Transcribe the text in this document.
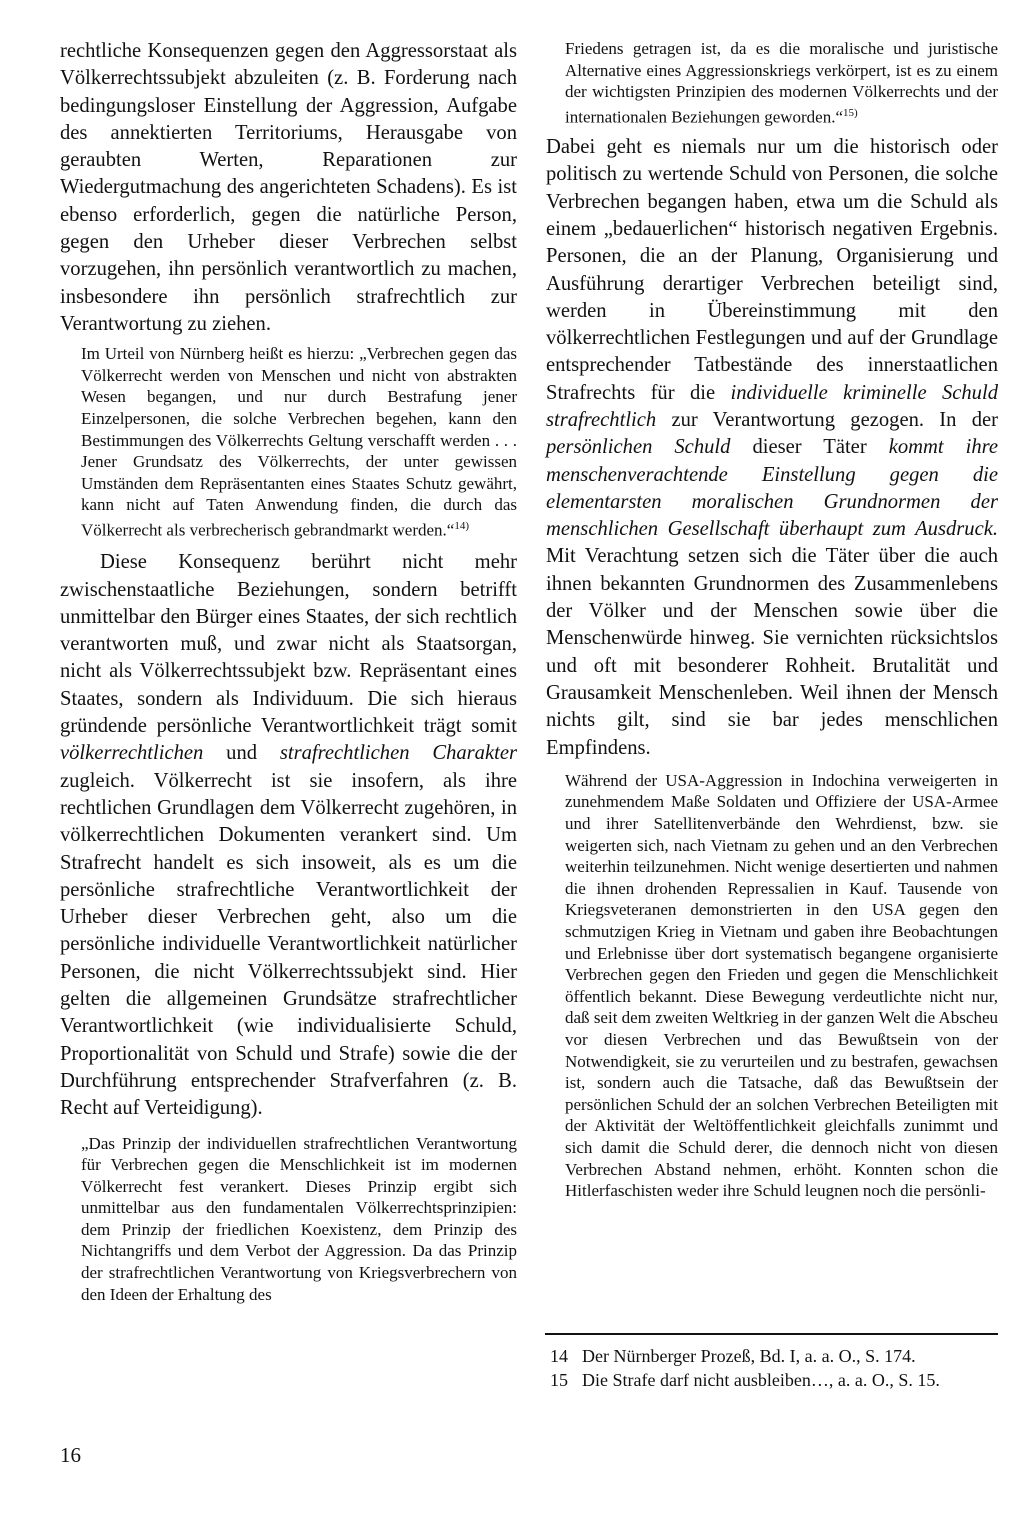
rechtliche Konsequenzen gegen den Aggressorstaat als Völkerrechtssubjekt abzuleiten (z. B. Forderung nach bedingungsloser Einstellung der Aggression, Aufgabe des annektierten Territoriums, Herausgabe von geraubten Werten, Reparationen zur Wiedergutmachung des angerichteten Schadens). Es ist ebenso erforderlich, gegen die natürliche Person, gegen den Urheber dieser Verbrechen selbst vorzugehen, ihn persönlich verantwortlich zu machen, insbesondere ihn persönlich strafrechtlich zur Verantwortung zu ziehen.

Im Urteil von Nürnberg heißt es hierzu: „Verbrechen gegen das Völkerrecht werden von Menschen und nicht von abstrakten Wesen begangen, und nur durch Bestrafung jener Einzelpersonen, die solche Verbrechen begehen, kann den Bestimmungen des Völkerrechts Geltung verschafft werden . . . Jener Grundsatz des Völkerrechts, der unter gewissen Umständen dem Repräsentanten eines Staates Schutz gewährt, kann nicht auf Taten Anwendung finden, die durch das Völkerrecht als verbrecherisch gebrandmarkt werden.“$^{14)}$

Diese Konsequenz berührt nicht mehr zwischenstaatliche Beziehungen, sondern betrifft unmittelbar den Bürger eines Staates, der sich rechtlich verantworten muß, und zwar nicht als Staatsorgan, nicht als Völkerrechtssubjekt bzw. Repräsentant eines Staates, sondern als Individuum. Die sich hieraus gründende persönliche Verantwortlichkeit trägt somit völkerrechtlichen und strafrechtlichen Charakter zugleich. Völkerrecht ist sie insofern, als ihre rechtlichen Grundlagen dem Völkerrecht zugehören, in völkerrechtlichen Dokumenten verankert sind. Um Strafrecht handelt es sich insoweit, als es um die persönliche strafrechtliche Verantwortlichkeit der Urheber dieser Verbrechen geht, also um die persönliche individuelle Verantwortlichkeit natürlicher Personen, die nicht Völkerrechtssubjekt sind. Hier gelten die allgemeinen Grundsätze strafrechtlicher Verantwortlichkeit (wie individualisierte Schuld, Proportionalität von Schuld und Strafe) sowie die der Durchführung entsprechender Strafverfahren (z. B. Recht auf Verteidigung).

„Das Prinzip der individuellen strafrechtlichen Verantwortung für Verbrechen gegen die Menschlichkeit ist im modernen Völkerrecht fest verankert. Dieses Prinzip ergibt sich unmittelbar aus den fundamentalen Völkerrechtsprinzipien: dem Prinzip der friedlichen Koexistenz, dem Prinzip des Nichtangriffs und dem Verbot der Aggression. Da das Prinzip der strafrechtlichen Verantwortung von Kriegsverbrechern von den Ideen der Erhaltung des

Friedens getragen ist, da es die moralische und juristische Alternative eines Aggressionskriegs verkörpert, ist es zu einem der wichtigsten Prinzipien des modernen Völkerrechts und der internationalen Beziehungen geworden.“$^{15)}$

Dabei geht es niemals nur um die historisch oder politisch zu wertende Schuld von Personen, die solche Verbrechen begangen haben, etwa um die Schuld als einem „bedauerlichen“ historisch negativen Ergebnis. Personen, die an der Planung, Organisierung und Ausführung derartiger Verbrechen beteiligt sind, werden in Übereinstimmung mit den völkerrechtlichen Festlegungen und auf der Grundlage entsprechender Tatbestände des innerstaatlichen Strafrechts für die individuelle kriminelle Schuld strafrechtlich zur Verantwortung gezogen. In der persönlichen Schuld dieser Täter kommt ihre menschenverachtende Einstellung gegen die elementarsten moralischen Grundnormen der menschlichen Gesellschaft überhaupt zum Ausdruck. Mit Verachtung setzen sich die Täter über die auch ihnen bekannten Grundnormen des Zusammenlebens der Völker und der Menschen sowie über die Menschenwürde hinweg. Sie vernichten rücksichtslos und oft mit besonderer Rohheit. Brutalität und Grausamkeit Menschenleben. Weil ihnen der Mensch nichts gilt, sind sie bar jedes menschlichen Empfindens.

Während der USA-Aggression in Indochina verweigerten in zunehmendem Maße Soldaten und Offiziere der USA-Armee und ihrer Satellitenverbände den Wehrdienst, bzw. sie weigerten sich, nach Vietnam zu gehen und an den Verbrechen weiterhin teilzunehmen. Nicht wenige desertierten und nahmen die ihnen drohenden Repressalien in Kauf. Tausende von Kriegsveteranen demonstrierten in den USA gegen den schmutzigen Krieg in Vietnam und gaben ihre Beobachtungen und Erlebnisse über dort systematisch begangene organisierte Verbrechen gegen den Frieden und gegen die Menschlichkeit öffentlich bekannt. Diese Bewegung verdeutlichte nicht nur, daß seit dem zweiten Weltkrieg in der ganzen Welt die Abscheu vor diesen Verbrechen und das Bewußtsein von der Notwendigkeit, sie zu verurteilen und zu bestrafen, gewachsen ist, sondern auch die Tatsache, daß das Bewußtsein der persönlichen Schuld der an solchen Verbrechen Beteiligten mit der Aktivität der Weltöffentlichkeit gleichfalls zunimmt und sich damit die Schuld derer, die dennoch nicht von diesen Verbrechen Abstand nehmen, erhöht. Konnten schon die Hitlerfaschisten weder ihre Schuld leugnen noch die persönli-

14 Der Nürnberger Prozeß, Bd. I, a. a. O., S. 174.
15 Die Strafe darf nicht ausbleiben…, a. a. O., S. 15.
16
